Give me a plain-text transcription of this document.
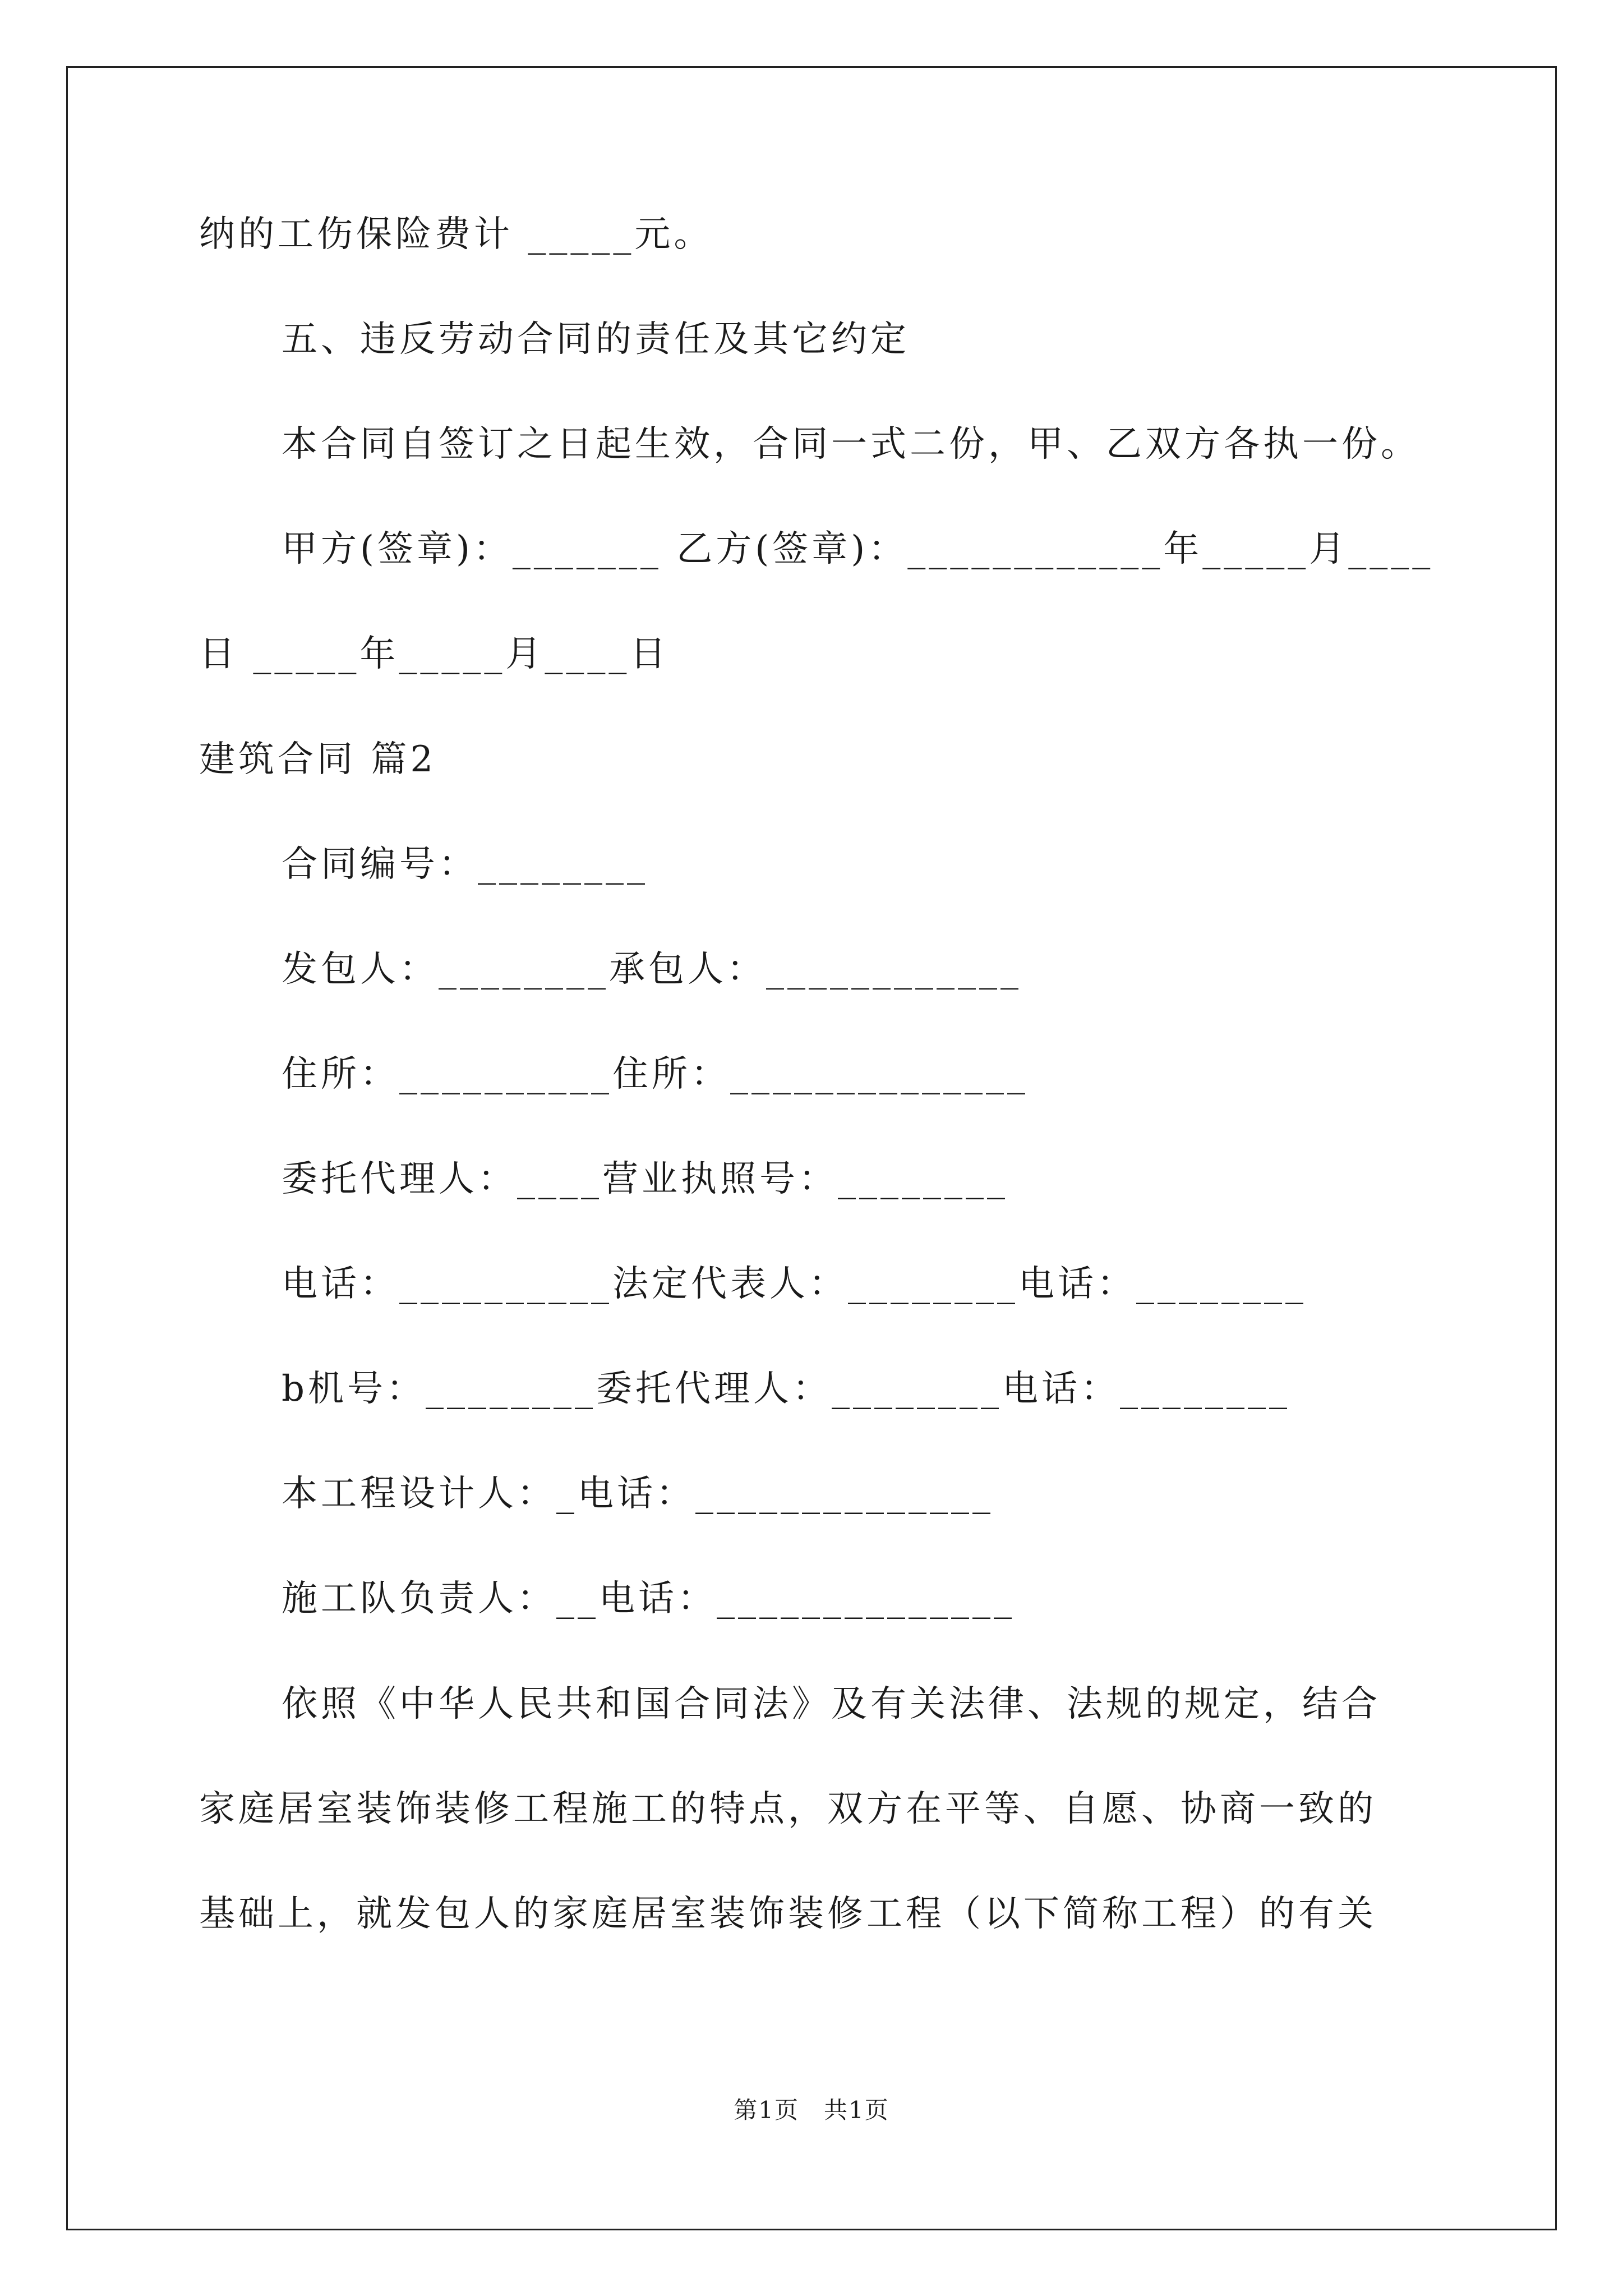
纳的工伤保险费计 _____元。
五、违反劳动合同的责任及其它约定
本合同自签订之日起生效，合同一式二份，甲、乙双方各执一份。
甲方(签章)：_______ 乙方(签章)：____________年_____月____
日 _____年_____月____日
建筑合同 篇2
合同编号：________
发包人：________承包人：____________
住所：__________住所：______________
委托代理人：____营业执照号：________
电话：__________法定代表人：________电话：________
b机号：________委托代理人：________电话：________
本工程设计人：_电话：______________
施工队负责人：__电话：______________
依照《中华人民共和国合同法》及有关法律、法规的规定，结合
家庭居室装饰装修工程施工的特点，双方在平等、自愿、协商一致的
基础上，就发包人的家庭居室装饰装修工程（以下简称工程）的有关
第1页　共1页
